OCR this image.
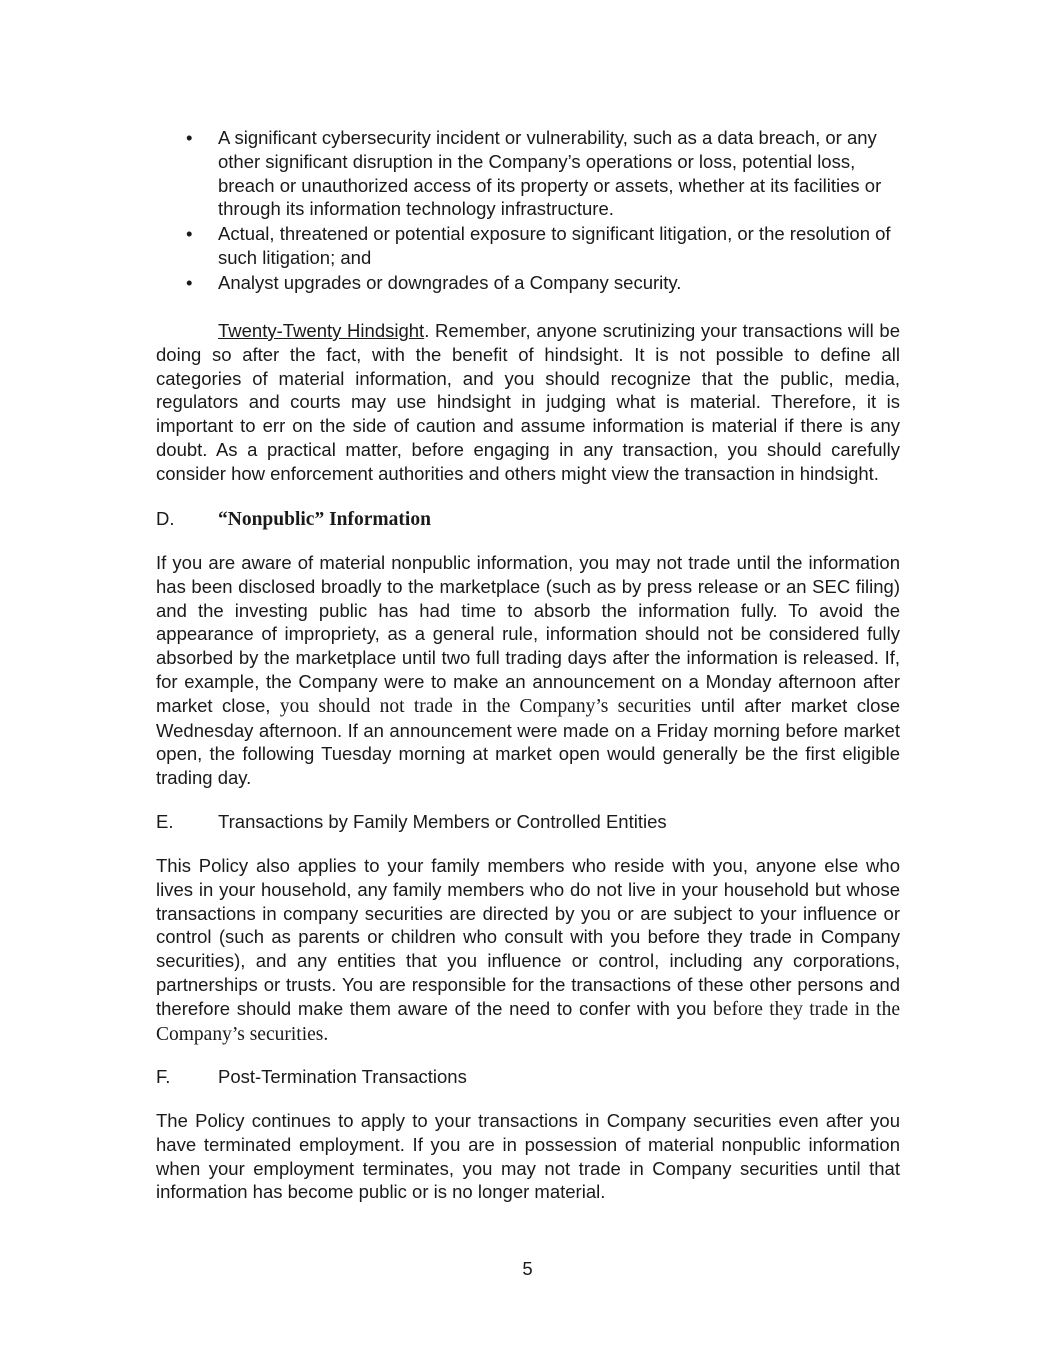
• A significant cybersecurity incident or vulnerability, such as a data breach, or any other significant disruption in the Company’s operations or loss, potential loss, breach or unauthorized access of its property or assets, whether at its facilities or through its information technology infrastructure.
• Actual, threatened or potential exposure to significant litigation, or the resolution of such litigation; and
• Analyst upgrades or downgrades of a Company security.

Twenty-Twenty Hindsight. Remember, anyone scrutinizing your transactions will be doing so after the fact, with the benefit of hindsight. It is not possible to define all categories of material information, and you should recognize that the public, media, regulators and courts may use hindsight in judging what is material. Therefore, it is important to err on the side of caution and assume information is material if there is any doubt. As a practical matter, before engaging in any transaction, you should carefully consider how enforcement authorities and others might view the transaction in hindsight.

D. “Nonpublic” Information

If you are aware of material nonpublic information, you may not trade until the information has been disclosed broadly to the marketplace (such as by press release or an SEC filing) and the investing public has had time to absorb the information fully. To avoid the appearance of impropriety, as a general rule, information should not be considered fully absorbed by the marketplace until two full trading days after the information is released. If, for example, the Company were to make an announcement on a Monday afternoon after market close, you should not trade in the Company’s securities until after market close Wednesday afternoon. If an announcement were made on a Friday morning before market open, the following Tuesday morning at market open would generally be the first eligible trading day.

E. Transactions by Family Members or Controlled Entities

This Policy also applies to your family members who reside with you, anyone else who lives in your household, any family members who do not live in your household but whose transactions in company securities are directed by you or are subject to your influence or control (such as parents or children who consult with you before they trade in Company securities), and any entities that you influence or control, including any corporations, partnerships or trusts. You are responsible for the transactions of these other persons and therefore should make them aware of the need to confer with you before they trade in the Company’s securities.

F.	Post-Termination Transactions

The Policy continues to apply to your transactions in Company securities even after you have terminated employment. If you are in possession of material nonpublic information when your employment terminates, you may not trade in Company securities until that information has become public or is no longer material.

5
